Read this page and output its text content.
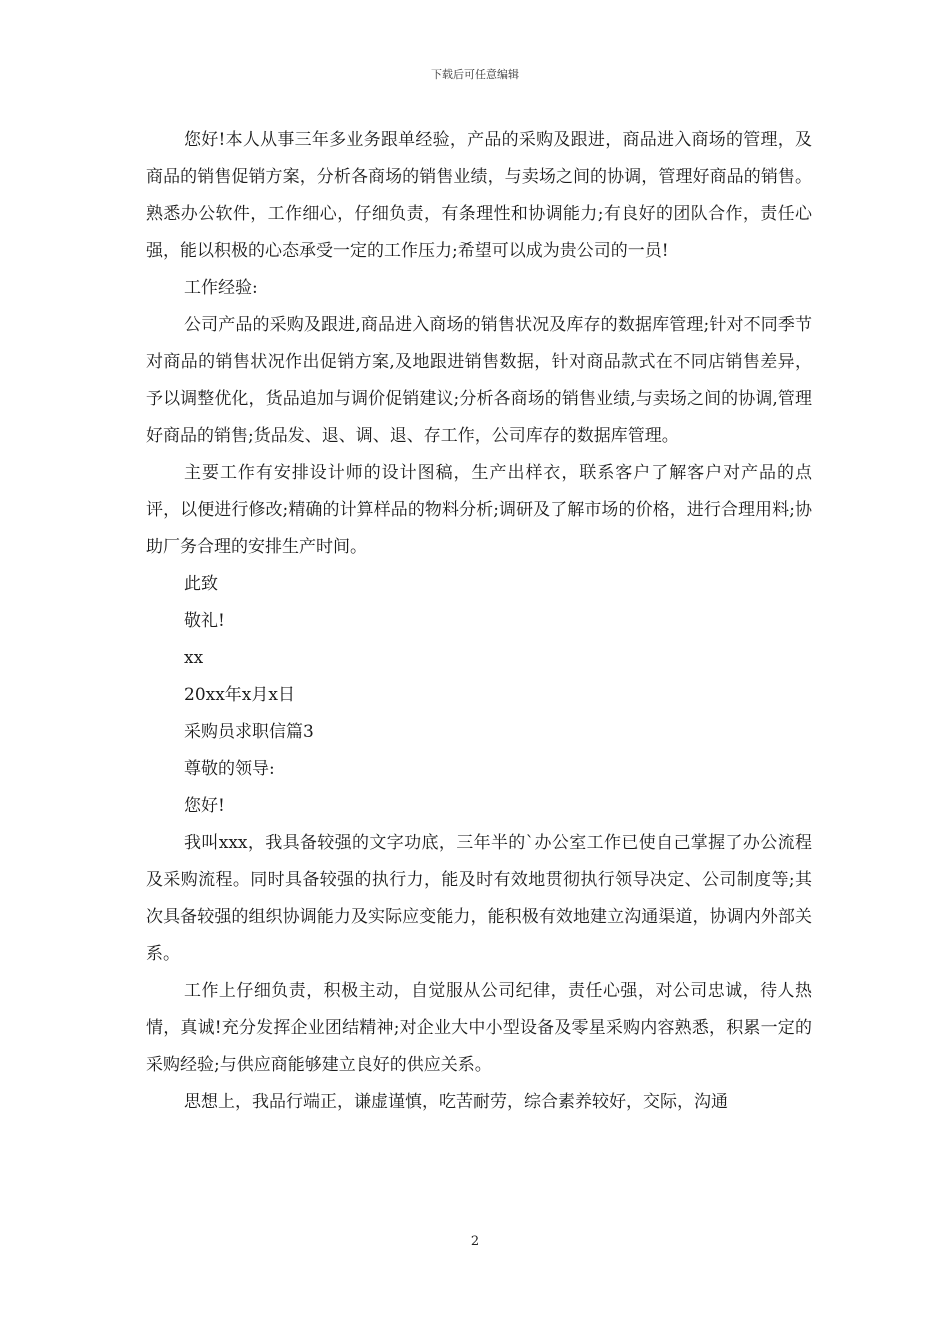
下载后可任意编辑

您好!本人从事三年多业务跟单经验，产品的采购及跟进，商品进入商场的管理，及商品的销售促销方案，分析各商场的销售业绩，与卖场之间的协调，管理好商品的销售。熟悉办公软件，工作细心，仔细负责，有条理性和协调能力;有良好的团队合作，责任心强，能以积极的心态承受一定的工作压力;希望可以成为贵公司的一员!

工作经验:

公司产品的采购及跟进,商品进入商场的销售状况及库存的数据库管理;针对不同季节对商品的销售状况作出促销方案,及地跟进销售数据，针对商品款式在不同店销售差异，予以调整优化，货品追加与调价促销建议;分析各商场的销售业绩,与卖场之间的协调,管理好商品的销售;货品发、退、调、退、存工作，公司库存的数据库管理。

主要工作有安排设计师的设计图稿，生产出样衣，联系客户了解客户对产品的点评，以便进行修改;精确的计算样品的物料分析;调研及了解市场的价格，进行合理用料;协助厂务合理的安排生产时间。

此致

敬礼!

xx

20xx年x月x日

采购员求职信篇3

尊敬的领导:

您好!

我叫xxx，我具备较强的文字功底，三年半的`办公室工作已使自己掌握了办公流程及采购流程。同时具备较强的执行力，能及时有效地贯彻执行领导决定、公司制度等;其次具备较强的组织协调能力及实际应变能力，能积极有效地建立沟通渠道，协调内外部关系。

工作上仔细负责，积极主动，自觉服从公司纪律，责任心强，对公司忠诚，待人热情，真诚!充分发挥企业团结精神;对企业大中小型设备及零星采购内容熟悉，积累一定的采购经验;与供应商能够建立良好的供应关系。

思想上，我品行端正，谦虚谨慎，吃苦耐劳，综合素养较好，交际，沟通

2
